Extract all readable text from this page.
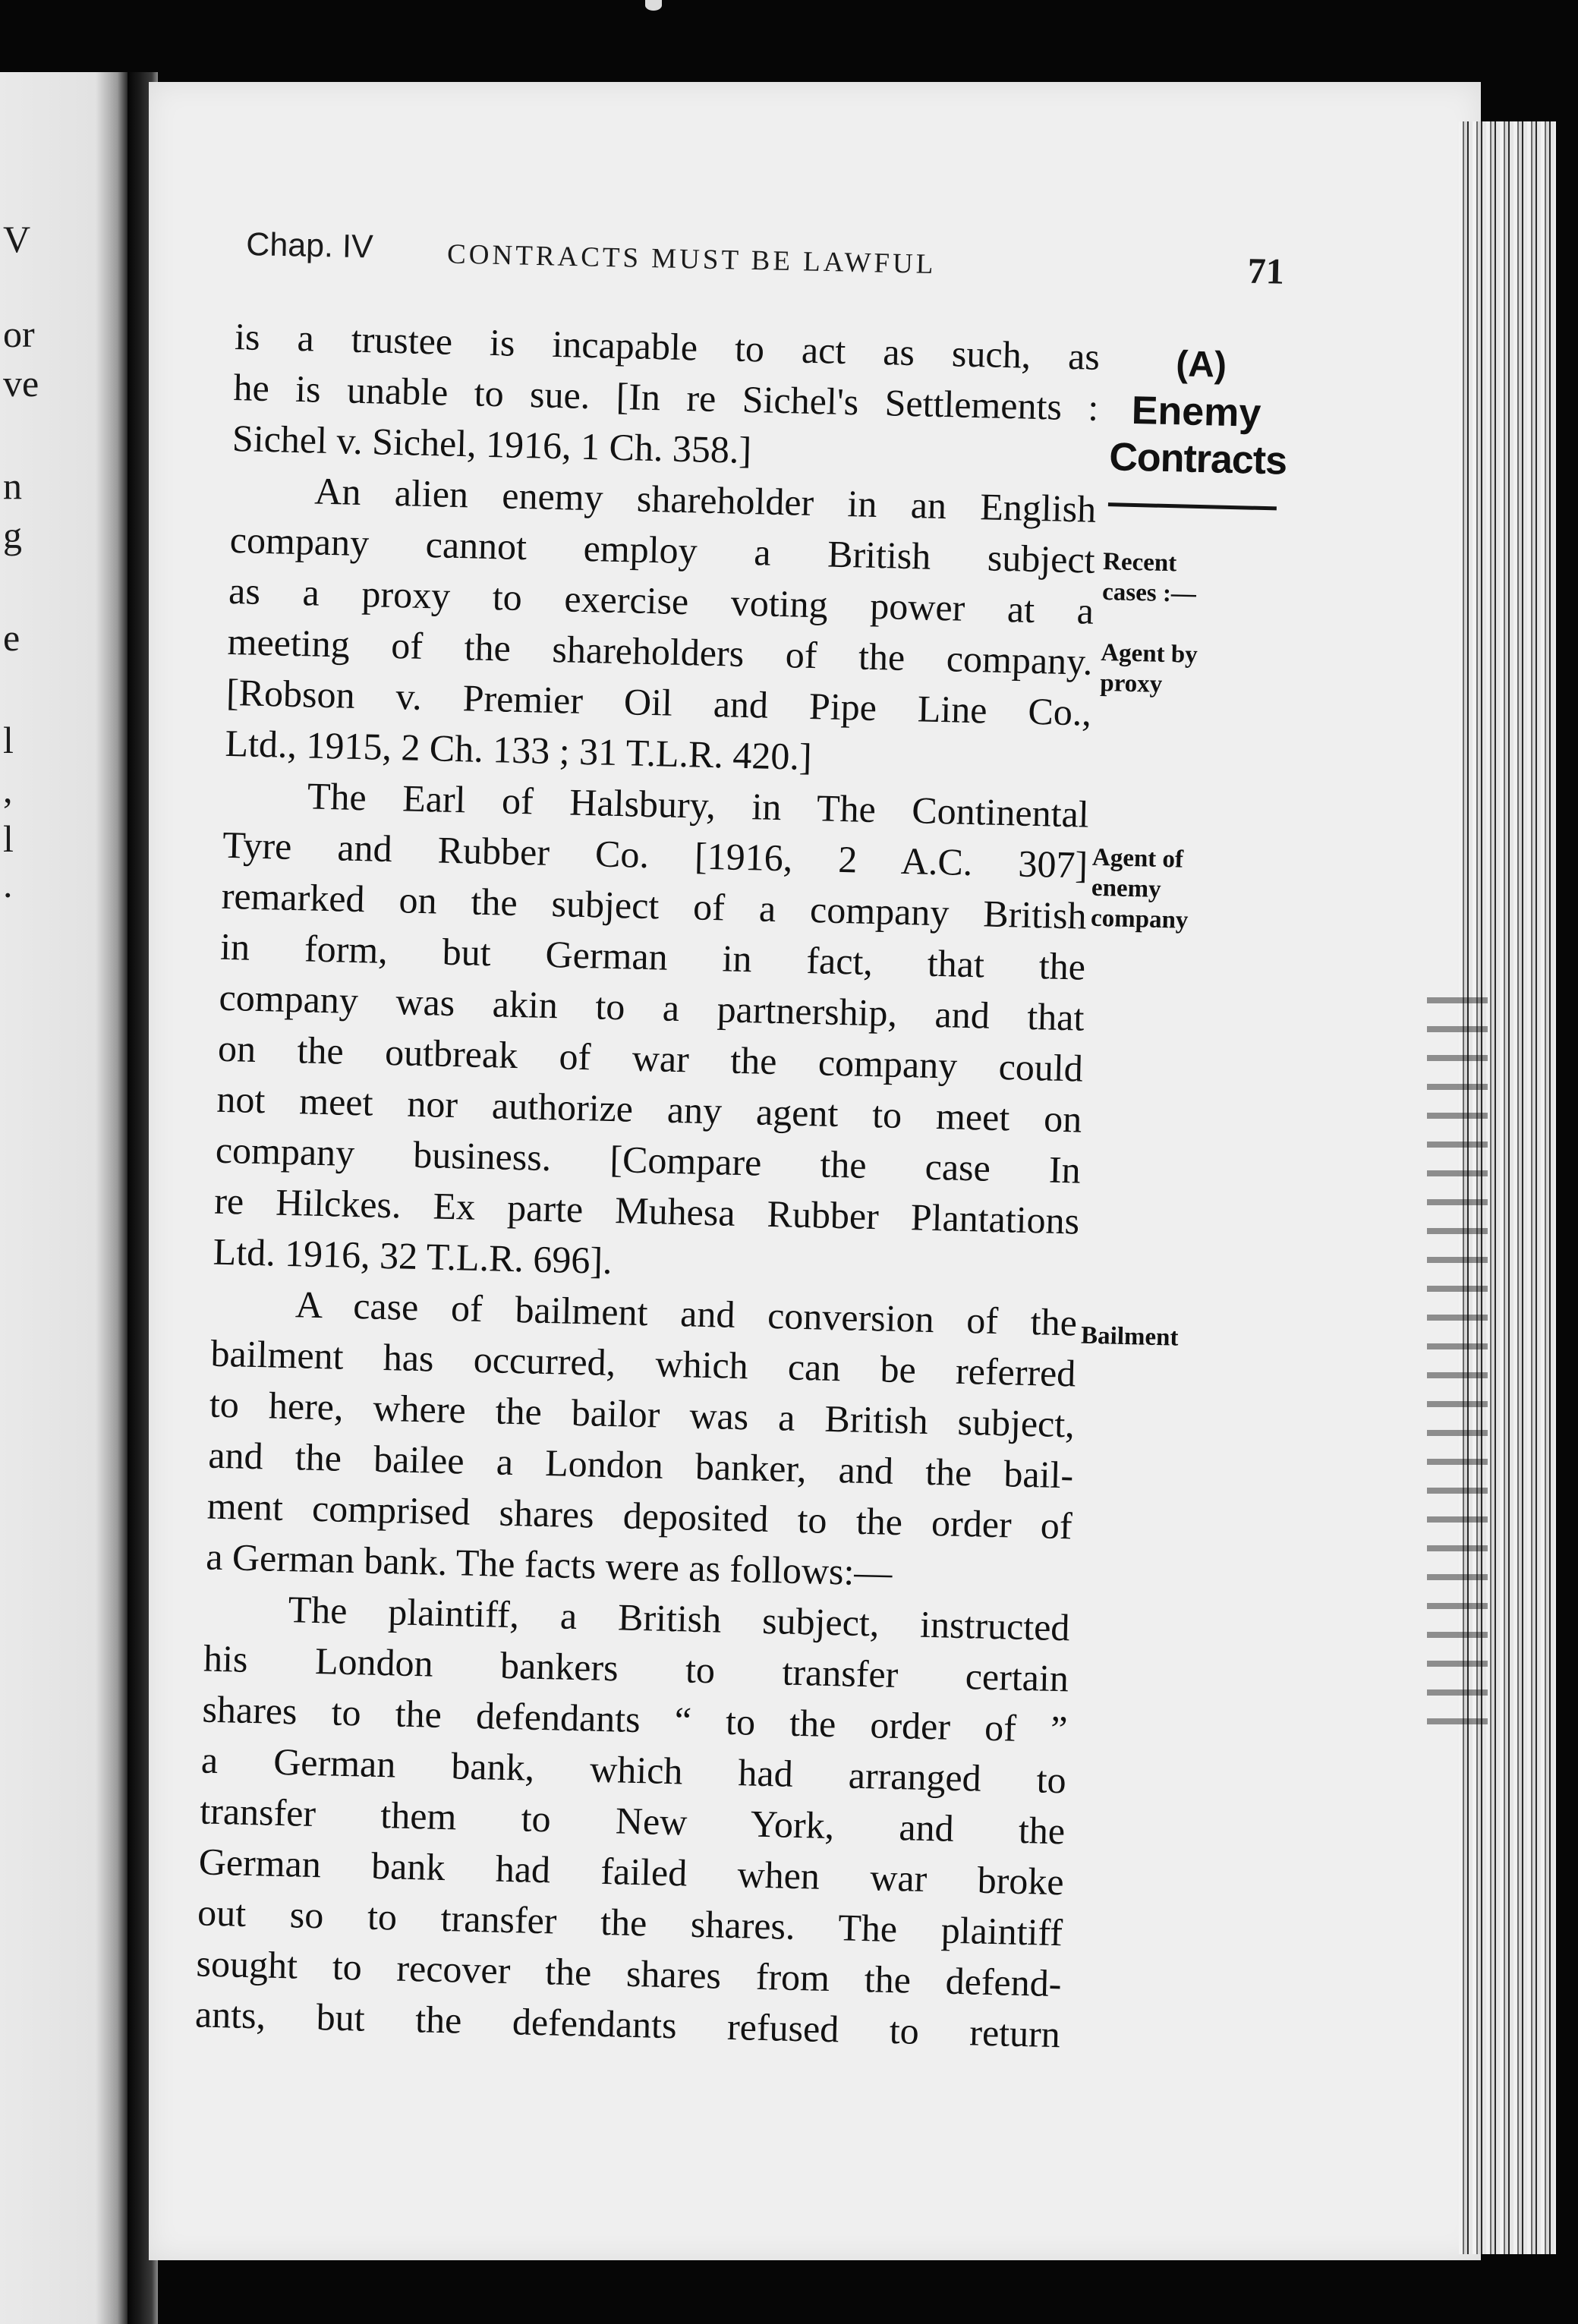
V
or
ve
n
g
e
l
,
l
.
Chap. IV	CONTRACTS MUST BE LAWFUL	71
is a trustee is incapable to act as such, as
he is unable to sue. [In re Sichel's Settlements :
Sichel v. Sichel, 1916, 1 Ch. 358.]
An alien enemy shareholder in an English
company cannot employ a British subject
as a proxy to exercise voting power at a
meeting of the shareholders of the company.
[Robson v. Premier Oil and Pipe Line Co.,
Ltd., 1915, 2 Ch. 133 ; 31 T.L.R. 420.]
The Earl of Halsbury, in The Continental
Tyre and Rubber Co. [1916, 2 A.C. 307]
remarked on the subject of a company British
in form, but German in fact, that the
company was akin to a partnership, and that
on the outbreak of war the company could
not meet nor authorize any agent to meet on
company business. [Compare the case In
re Hilckes. Ex parte Muhesa Rubber Plantations
Ltd. 1916, 32 T.L.R. 696].
A case of bailment and conversion of the
bailment has occurred, which can be referred
to here, where the bailor was a British subject,
and the bailee a London banker, and the bail-
ment comprised shares deposited to the order of
a German bank. The facts were as follows:—
The plaintiff, a British subject, instructed
his London bankers to transfer certain
shares to the defendants “ to the order of ”
a German bank, which had arranged to
transfer them to New York, and the
German bank had failed when war broke
out so to transfer the shares. The plaintiff
sought to recover the shares from the defend-
ants, but the defendants refused to return
(A)
Enemy
Contracts
Recent
cases :—
Agent by
proxy
Agent of
enemy
company
Bailment
